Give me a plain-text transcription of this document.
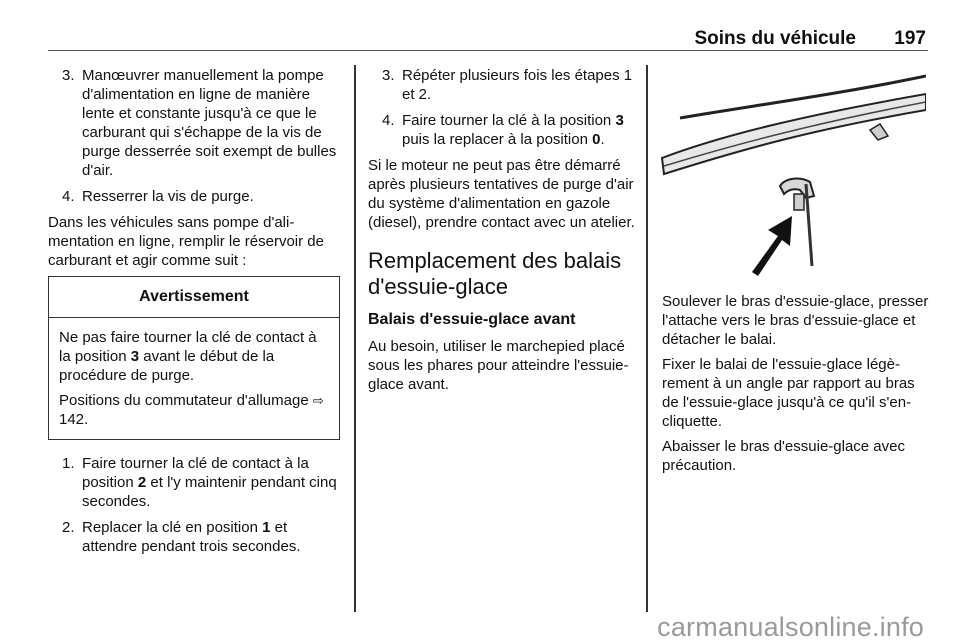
Soins du véhicule 197
3. Manœuvrer manuellement la pompe d'alimentation en ligne de manière lente et constante jusqu'à ce que le carburant qui s'échappe de la vis de purge desserrée soit exempt de bulles d'air.
4. Resserrer la vis de purge.

Dans les véhicules sans pompe d'alimentation en ligne, remplir le réservoir de carburant et agir comme suit :

Avertissement

Ne pas faire tourner la clé de contact à la position 3 avant le début de la procédure de purge.

Positions du commutateur d'allumage ⇨ 142.

1. Faire tourner la clé de contact à la position 2 et l'y maintenir pendant cinq secondes.
2. Replacer la clé en position 1 et attendre pendant trois secondes.
3. Répéter plusieurs fois les étapes 1 et 2.
4. Faire tourner la clé à la position 3 puis la replacer à la position 0.

Si le moteur ne peut pas être démarré après plusieurs tentatives de purge d'air du système d'alimentation en gazole (diesel), prendre contact avec un atelier.

Remplacement des balais d'essuie-glace
Balais d'essuie-glace avant

Au besoin, utiliser le marchepied placé sous les phares pour atteindre l'essuie-glace avant.

Soulever le bras d'essuie-glace, presser l'attache vers le bras d'essuie-glace et détacher le balai.

Fixer le balai de l'essuie-glace légèrement à un angle par rapport au bras de l'essuie-glace jusqu'à ce qu'il s'encliquette.

Abaisser le bras d'essuie-glace avec précaution.

carmanualsonline.info
